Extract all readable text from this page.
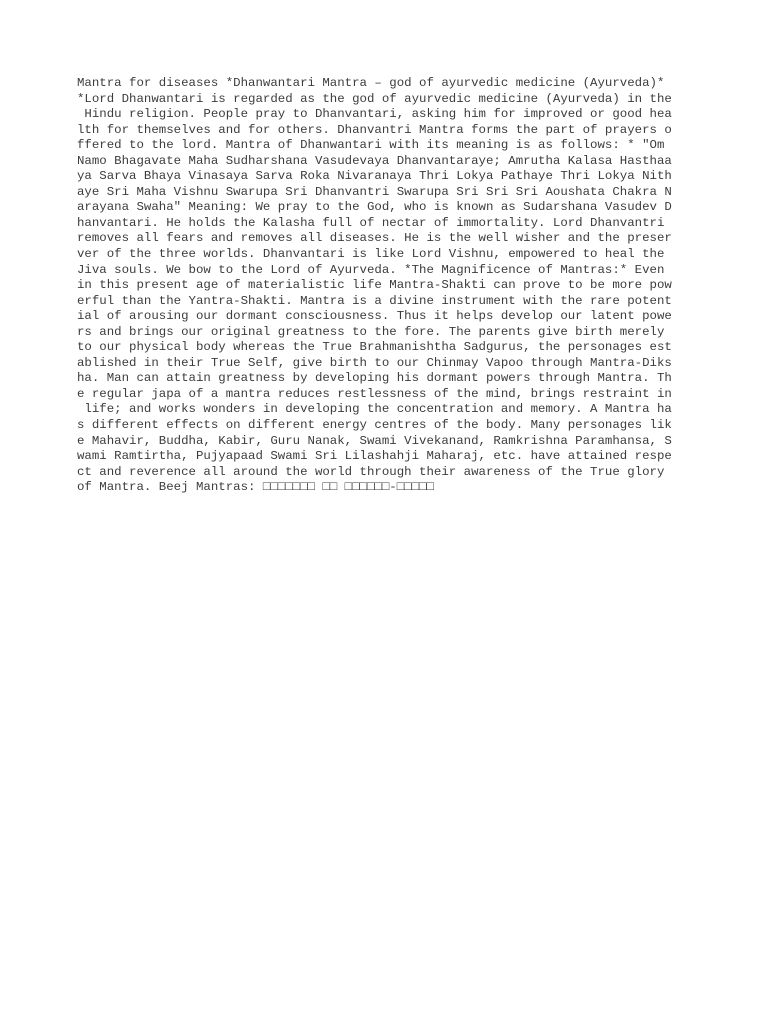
Mantra for diseases *Dhanwantari Mantra – god of ayurvedic medicine (Ayurveda)*
*Lord Dhanwantari is regarded as the god of ayurvedic medicine (Ayurveda) in the
Hindu religion. People pray to Dhanvantari, asking him for improved or good hea
lth for themselves and for others. Dhanvantri Mantra forms the part of prayers o
ffered to the lord. Mantra of Dhanwantari with its meaning is as follows: * "Om
Namo Bhagavate Maha Sudharshana Vasudevaya Dhanvantaraye; Amrutha Kalasa Hasthaa
ya Sarva Bhaya Vinasaya Sarva Roka Nivaranaya Thri Lokya Pathaye Thri Lokya Nith
aye Sri Maha Vishnu Swarupa Sri Dhanvantri Swarupa Sri Sri Sri Aoushata Chakra N
arayana Swaha" Meaning: We pray to the God, who is known as Sudarshana Vasudev D
hanvantari. He holds the Kalasha full of nectar of immortality. Lord Dhanvantri
removes all fears and removes all diseases. He is the well wisher and the preser
ver of the three worlds. Dhanvantari is like Lord Vishnu, empowered to heal the
Jiva souls. We bow to the Lord of Ayurveda. *The Magnificence of Mantras:* Even
in this present age of materialistic life Mantra-Shakti can prove to be more pow
erful than the Yantra-Shakti. Mantra is a divine instrument with the rare potent
ial of arousing our dormant consciousness. Thus it helps develop our latent powe
rs and brings our original greatness to the fore. The parents give birth merely
to our physical body whereas the True Brahmanishtha Sadgurus, the personages est
ablished in their True Self, give birth to our Chinmay Vapoo through Mantra-Diks
ha. Man can attain greatness by developing his dormant powers through Mantra. Th
e regular japa of a mantra reduces restlessness of the mind, brings restraint in
life; and works wonders in developing the concentration and memory. A Mantra ha
s different effects on different energy centres of the body. Many personages lik
e Mahavir, Buddha, Kabir, Guru Nanak, Swami Vivekanand, Ramkrishna Paramhansa, S
wami Ramtirtha, Pujyapaad Swami Sri Lilashahji Maharaj, etc. have attained respe
ct and reverence all around the world through their awareness of the True glory
of Mantra. Beej Mantras: □□□□□□□ □□ □□□□□□-□□□□□
